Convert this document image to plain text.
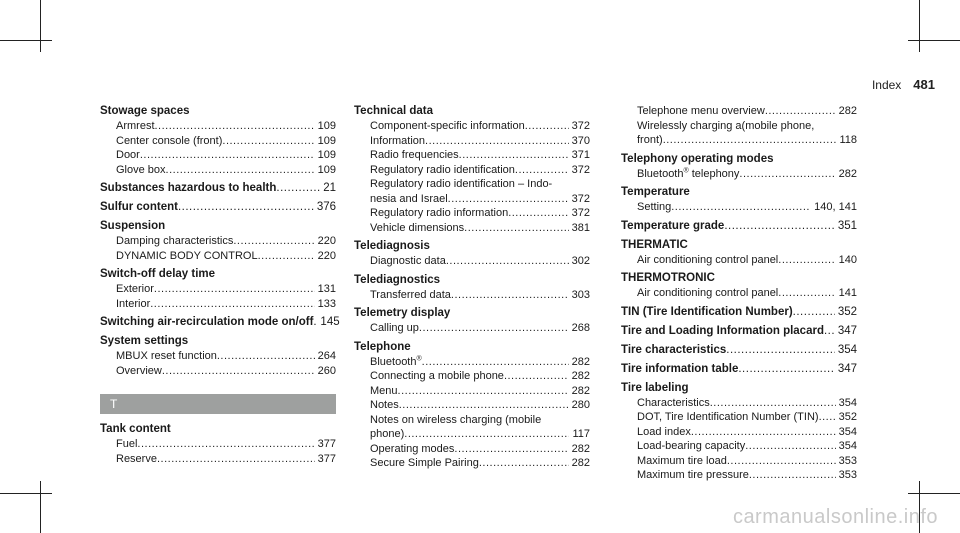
Index 481
Stowage spaces
Armrest .....	109
Center console (front) .....	109
Door .....	109
Glove box .....	109
Substances hazardous to health .....	21
Sulfur content .....	376
Suspension
Damping characteristics .....	220
DYNAMIC BODY CONTROL .....	220
Switch-off delay time
Exterior .....	131
Interior .....	133
Switching air-recirculation mode on/off ..... 145
System settings
MBUX reset function .....	264
Overview .....	260
T
Tank content
Fuel .....	377
Reserve .....	377
Technical data
Component-specific information .....	372
Information .....	370
Radio frequencies .....	371
Regulatory radio identification .....	372
Regulatory radio identification – Indo-
nesia and Israel .....	372
Regulatory radio information .....	372
Vehicle dimensions .....	381
Telediagnosis
Diagnostic data .....	302
Telediagnostics
Transferred data .....	303
Telemetry display
Calling up .....	268
Telephone
Bluetooth® .....	282
Connecting a mobile phone .....	282
Menu .....	282
Notes .....	280
Notes on wireless charging (mobile
phone) .....	117
Operating modes .....	282
Secure Simple Pairing .....	282
Telephone menu overview .....	282
Wirelessly charging a(mobile phone,
front) .....	118
Telephony operating modes
Bluetooth® telephony .....	282
Temperature
Setting .....	140, 141
Temperature grade .....	351
THERMATIC
Air conditioning control panel .....	140
THERMOTRONIC
Air conditioning control panel .....	141
TIN (Tire Identification Number) .....	352
Tire and Loading Information placard ..... 347
Tire characteristics .....	354
Tire information table .....	347
Tire labeling
Characteristics .....	354
DOT, Tire Identification Number (TIN) ..... 352
Load index .....	354
Load-bearing capacity .....	354
Maximum tire load .....	353
Maximum tire pressure .....	353
carmanualsonline.info
